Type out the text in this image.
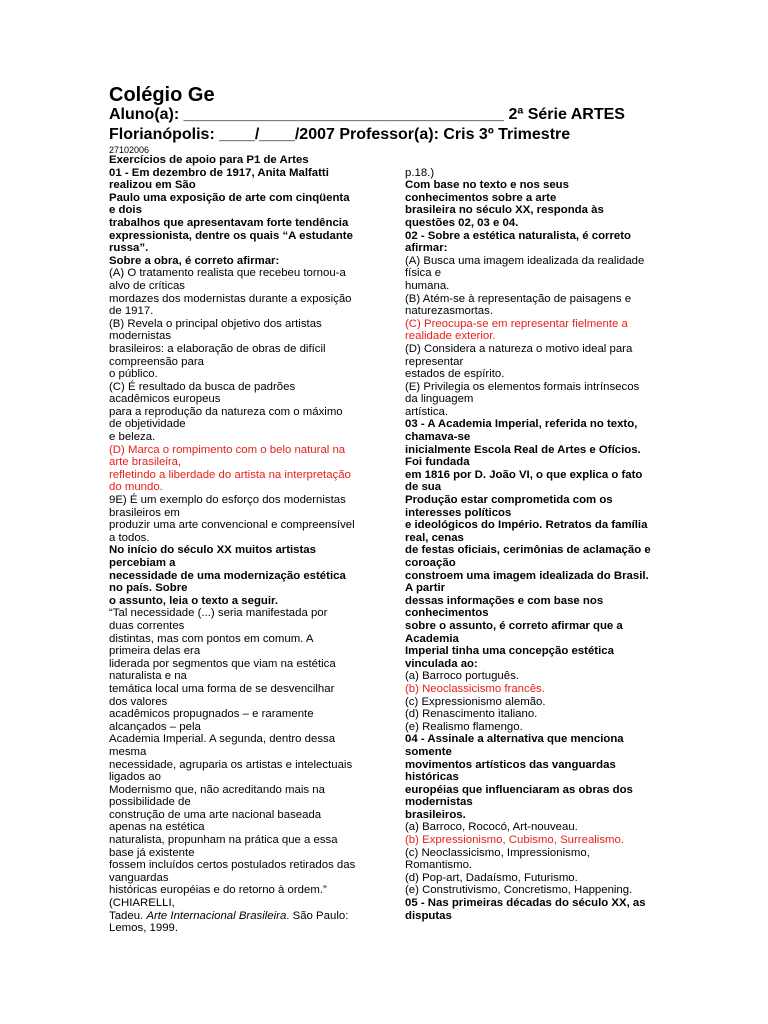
Colégio Ge
Aluno(a): ____________________________________ 2ª Série ARTES
Florianópolis: ____/____/2007 Professor(a): Cris 3º Trimestre
27102006
Exercícios de apoio para P1 de Artes
01 - Em dezembro de 1917, Anita Malfatti
realizou em São
Paulo uma exposição de arte com cinqüenta
e dois
trabalhos que apresentavam forte tendência
expressionista, dentre os quais “A estudante
russa”.
Sobre a obra, é correto afirmar:
(A) O tratamento realista que recebeu tornou-a
alvo de críticas
mordazes dos modernistas durante a exposição
de 1917.
(B) Revela o principal objetivo dos artistas
modernistas
brasileiros: a elaboração de obras de difícil
compreensão para
o público.
(C) É resultado da busca de padrões
acadêmicos europeus
para a reprodução da natureza com o máximo
de objetividade
e beleza.
(D) Marca o rompimento com o belo natural na
arte brasileira,
refletindo a liberdade do artista na interpretação
do mundo.
9E) É um exemplo do esforço dos modernistas
brasileiros em
produzir uma arte convencional e compreensível
a todos.
No início do século XX muitos artistas
percebiam a
necessidade de uma modernização estética
no país. Sobre
o assunto, leia o texto a seguir.
“Tal necessidade (...) seria manifestada por
duas correntes
distintas, mas com pontos em comum. A
primeira delas era
liderada por segmentos que viam na estética
naturalista e na
temática local uma forma de se desvencilhar
dos valores
acadêmicos propugnados – e raramente
alcançados – pela
Academia Imperial. A segunda, dentro dessa
mesma
necessidade, agruparia os artistas e intelectuais
ligados ao
Modernismo que, não acreditando mais na
possibilidade de
construção de uma arte nacional baseada
apenas na estética
naturalista, propunham na prática que a essa
base já existente
fossem incluídos certos postulados retirados das
vanguardas
históricas européias e do retorno à ordem.”
(CHIARELLI,
Tadeu. Arte Internacional Brasileira. São Paulo:
Lemos, 1999.
p.18.)
Com base no texto e nos seus
conhecimentos sobre a arte
brasileira no século XX, responda às
questões 02, 03 e 04.
02 - Sobre a estética naturalista, é correto
afirmar:
(A) Busca uma imagem idealizada da realidade
física e
humana.
(B) Atém-se à representação de paisagens e
naturezasmortas.
(C) Preocupa-se em representar fielmente a
realidade exterior.
(D) Considera a natureza o motivo ideal para
representar
estados de espírito.
(E) Privilegia os elementos formais intrínsecos
da linguagem
artística.
03 - A Academia Imperial, referida no texto,
chamava-se
inicialmente Escola Real de Artes e Ofícios.
Foi fundada
em 1816 por D. João VI, o que explica o fato
de sua
Produção estar comprometida com os
interesses políticos
e ideológicos do Império. Retratos da família
real, cenas
de festas oficiais, cerimônias de aclamação e
coroação
constroem uma imagem idealizada do Brasil.
A partir
dessas informações e com base nos
conhecimentos
sobre o assunto, é correto afirmar que a
Academia
Imperial tinha uma concepção estética
vinculada ao:
(a) Barroco português.
(b) Neoclassicismo francês.
(c) Expressionismo alemão.
(d) Renascimento italiano.
(e) Realismo flamengo.
04 - Assinale a alternativa que menciona
somente
movimentos artísticos das vanguardas
históricas
européias que influenciaram as obras dos
modernistas
brasileiros.
(a) Barroco, Rococó, Art-nouveau.
(b) Expressionismo, Cubismo, Surrealismo.
(c) Neoclassicismo, Impressionismo,
Romantismo.
(d) Pop-art, Dadaísmo, Futurismo.
(e) Construtivismo, Concretismo, Happening.
05 - Nas primeiras décadas do século XX, as
disputas
